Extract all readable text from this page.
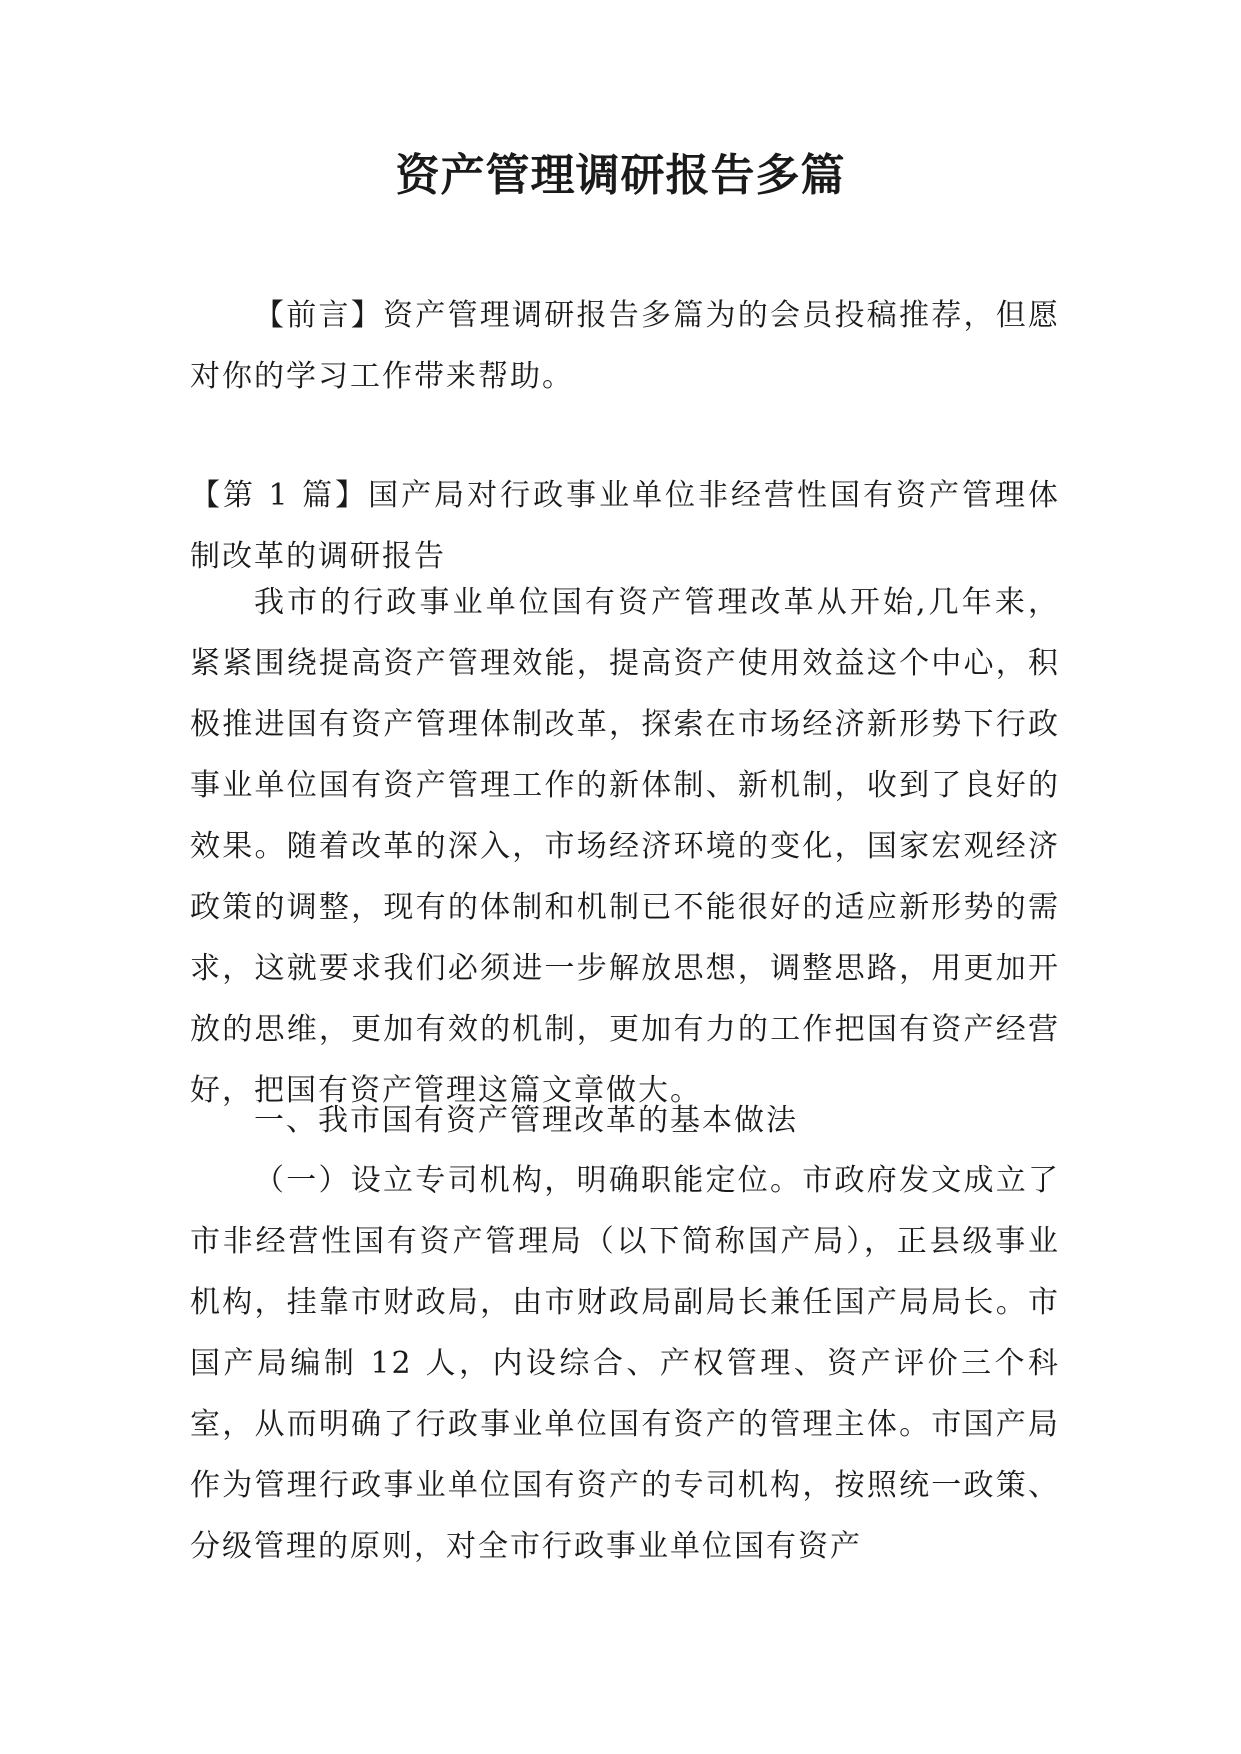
资产管理调研报告多篇

【前言】资产管理调研报告多篇为的会员投稿推荐，但愿对你的学习工作带来帮助。

【第 1 篇】国产局对行政事业单位非经营性国有资产管理体制改革的调研报告

我市的行政事业单位国有资产管理改革从开始,几年来，紧紧围绕提高资产管理效能，提高资产使用效益这个中心，积极推进国有资产管理体制改革，探索在市场经济新形势下行政事业单位国有资产管理工作的新体制、新机制，收到了良好的效果。随着改革的深入，市场经济环境的变化，国家宏观经济政策的调整，现有的体制和机制已不能很好的适应新形势的需求，这就要求我们必须进一步解放思想，调整思路，用更加开放的思维，更加有效的机制，更加有力的工作把国有资产经营好，把国有资产管理这篇文章做大。

一、我市国有资产管理改革的基本做法

（一）设立专司机构，明确职能定位。市政府发文成立了市非经营性国有资产管理局（以下简称国产局），正县级事业机构，挂靠市财政局，由市财政局副局长兼任国产局局长。市国产局编制 12 人，内设综合、产权管理、资产评价三个科室，从而明确了行政事业单位国有资产的管理主体。市国产局作为管理行政事业单位国有资产的专司机构，按照统一政策、分级管理的原则，对全市行政事业单位国有资产
